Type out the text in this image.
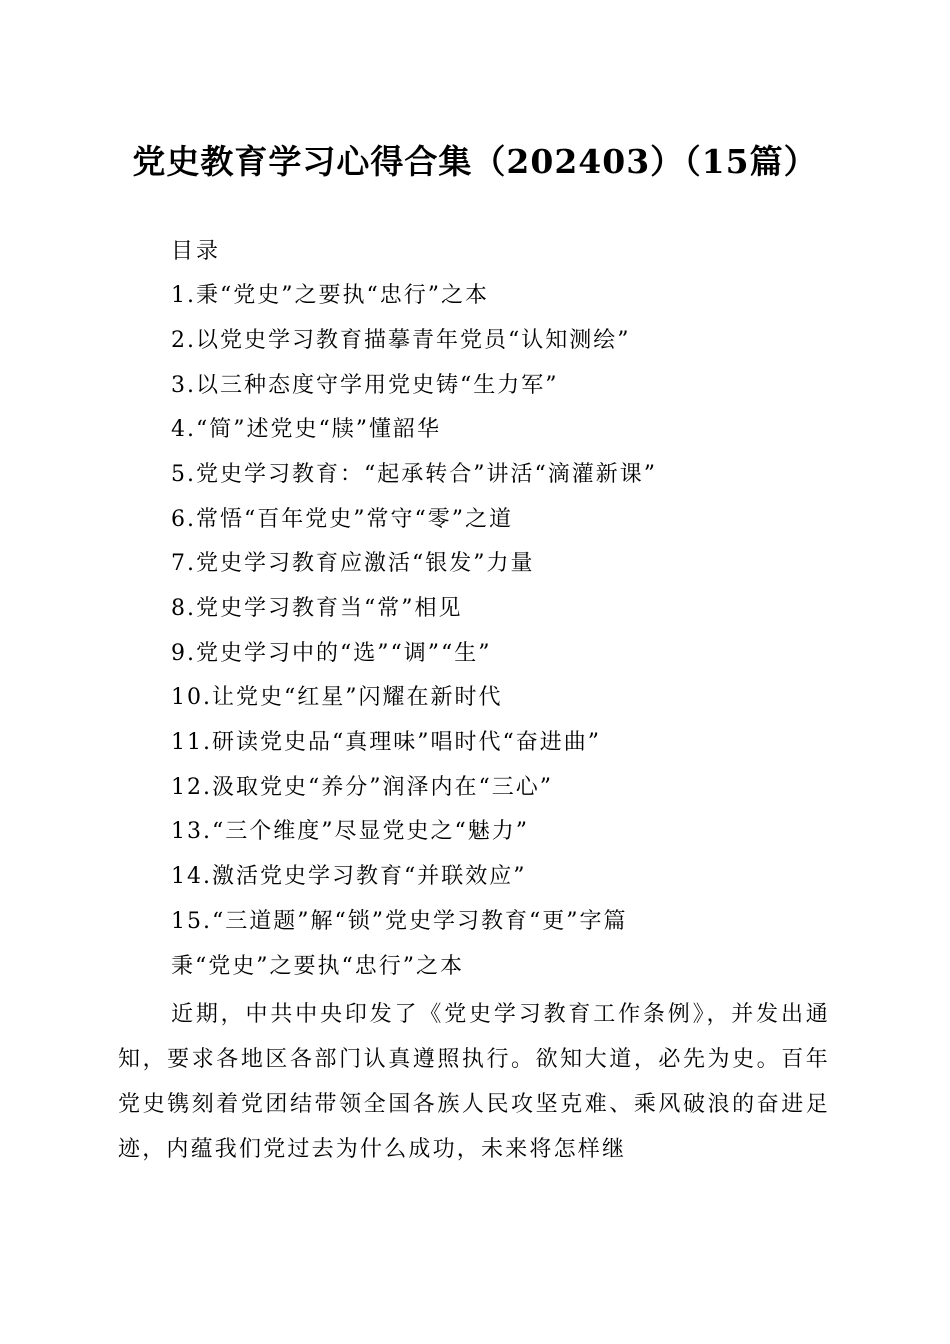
党史教育学习心得合集（202403）（15篇）
目录
1.秉“党史”之要执“忠行”之本
2.以党史学习教育描摹青年党员“认知测绘”
3.以三种态度守学用党史铸“生力军”
4.“简”述党史“牍”懂韶华
5.党史学习教育：“起承转合”讲活“滴灌新课”
6.常悟“百年党史”常守“零”之道
7.党史学习教育应激活“银发”力量
8.党史学习教育当“常”相见
9.党史学习中的“选”“调”“生”
10.让党史“红星”闪耀在新时代
11.研读党史品“真理味”唱时代“奋进曲”
12.汲取党史“养分”润泽内在“三心”
13.“三个维度”尽显党史之“魅力”
14.激活党史学习教育“并联效应”
15.“三道题”解“锁”党史学习教育“更”字篇
秉“党史”之要执“忠行”之本

近期，中共中央印发了《党史学习教育工作条例》，并发出通知，要求各地区各部门认真遵照执行。欲知大道，必先为史。百年党史镌刻着党团结带领全国各族人民攻坚克难、乘风破浪的奋进足迹，内蕴我们党过去为什么成功，未来将怎样继
